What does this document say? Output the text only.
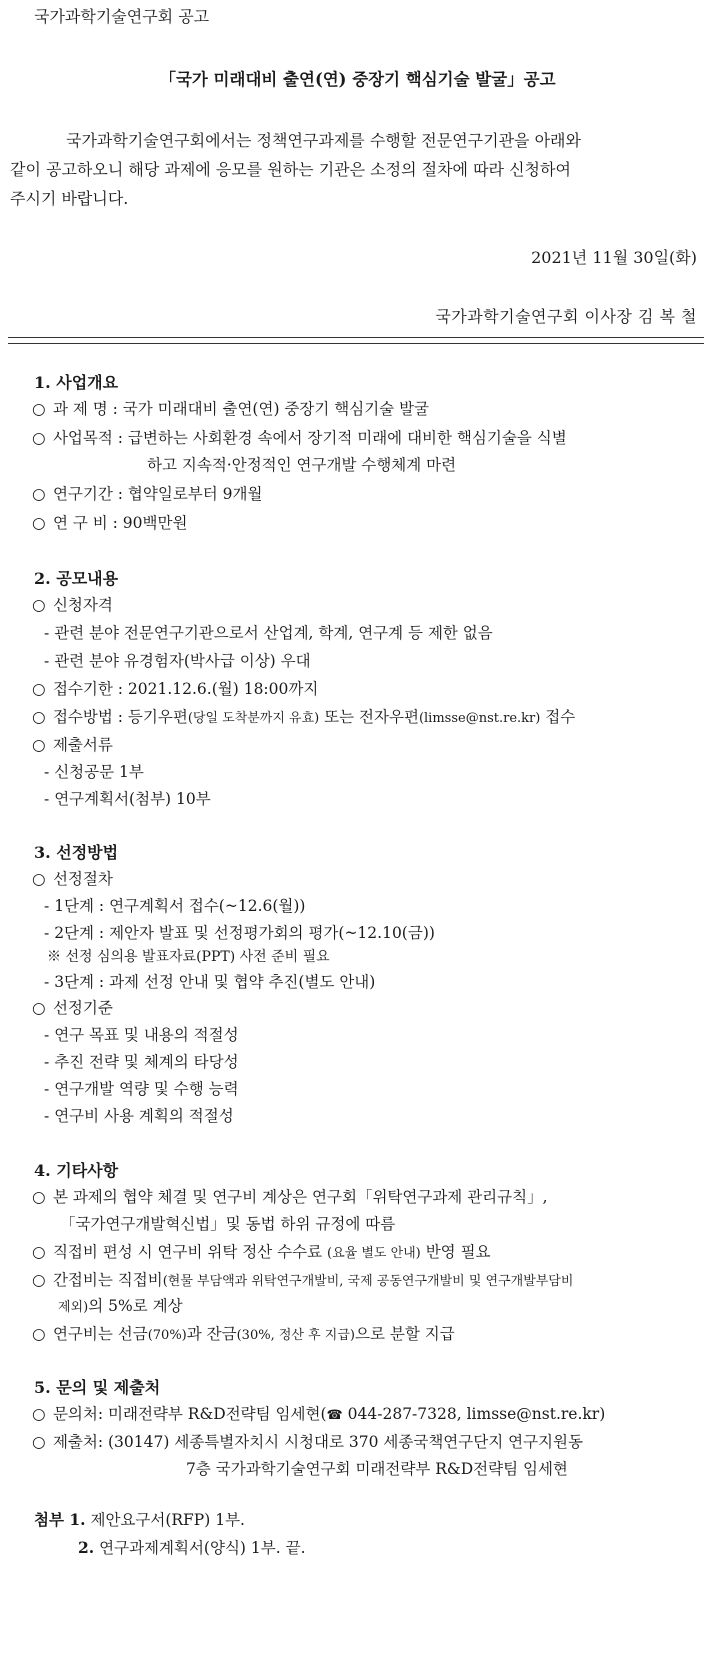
국가과학기술연구회 공고
「국가 미래대비 출연(연) 중장기 핵심기술 발굴」공고
국가과학기술연구회에서는 정책연구과제를 수행할 전문연구기관을 아래와
같이 공고하오니 해당 과제에 응모를 원하는 기관은 소정의 절차에 따라 신청하여
주시기 바랍니다.
2021년 11월 30일(화)
국가과학기술연구회 이사장 김 복 철
1. 사업개요
○ 과 제 명 : 국가 미래대비 출연(연) 중장기 핵심기술 발굴
○ 사업목적 : 급변하는 사회환경 속에서 장기적 미래에 대비한 핵심기술을 식별
하고 지속적·안정적인 연구개발 수행체계 마련
○ 연구기간 : 협약일로부터 9개월
○ 연 구 비 : 90백만원
2. 공모내용
○ 신청자격
- 관련 분야 전문연구기관으로서 산업계, 학계, 연구계 등 제한 없음
- 관련 분야 유경험자(박사급 이상) 우대
○ 접수기한 : 2021.12.6.(월) 18:00까지
○ 접수방법 : 등기우편(당일 도착분까지 유효) 또는 전자우편(limsse@nst.re.kr) 접수
○ 제출서류
- 신청공문 1부
- 연구계획서(첨부) 10부
3. 선정방법
○ 선정절차
- 1단계 : 연구계획서 접수(~12.6(월))
- 2단계 : 제안자 발표 및 선정평가회의 평가(~12.10(금))
※ 선정 심의용 발표자료(PPT) 사전 준비 필요
- 3단계 : 과제 선정 안내 및 협약 추진(별도 안내)
○ 선정기준
- 연구 목표 및 내용의 적절성
- 추진 전략 및 체계의 타당성
- 연구개발 역량 및 수행 능력
- 연구비 사용 계획의 적절성
4. 기타사항
○ 본 과제의 협약 체결 및 연구비 계상은 연구회「위탁연구과제 관리규칙」,
「국가연구개발혁신법」및 동법 하위 규정에 따름
○ 직접비 편성 시 연구비 위탁 정산 수수료 (요율 별도 안내) 반영 필요
○ 간접비는 직접비(현물 부담액과 위탁연구개발비, 국제 공동연구개발비 및 연구개발부담비
제외)의 5%로 계상
○ 연구비는 선금(70%)과 잔금(30%, 정산 후 지급)으로 분할 지급
5. 문의 및 제출처
○ 문의처: 미래전략부 R&D전략팀 임세현(☎ 044-287-7328, limsse@nst.re.kr)
○ 제출처: (30147) 세종특별자치시 시청대로 370 세종국책연구단지 연구지원동
7층 국가과학기술연구회 미래전략부 R&D전략팀 임세현
첨부 1. 제안요구서(RFP) 1부.
2. 연구과제계획서(양식) 1부. 끝.
